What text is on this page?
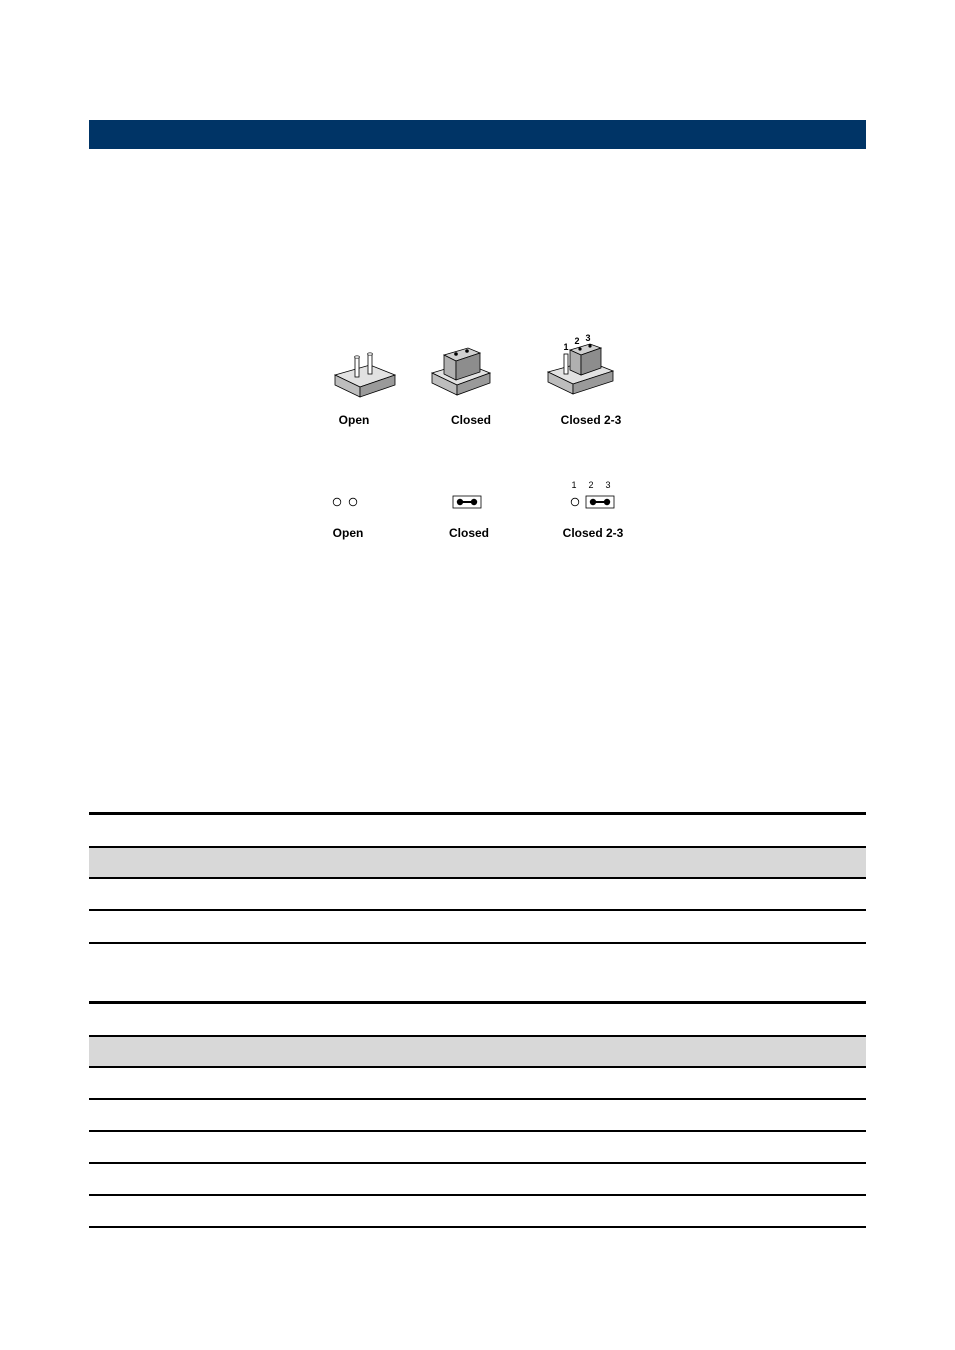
1
2 3
Open	Closed	Closed 2-3
1 2 3
Open	Closed	Closed 2-3
